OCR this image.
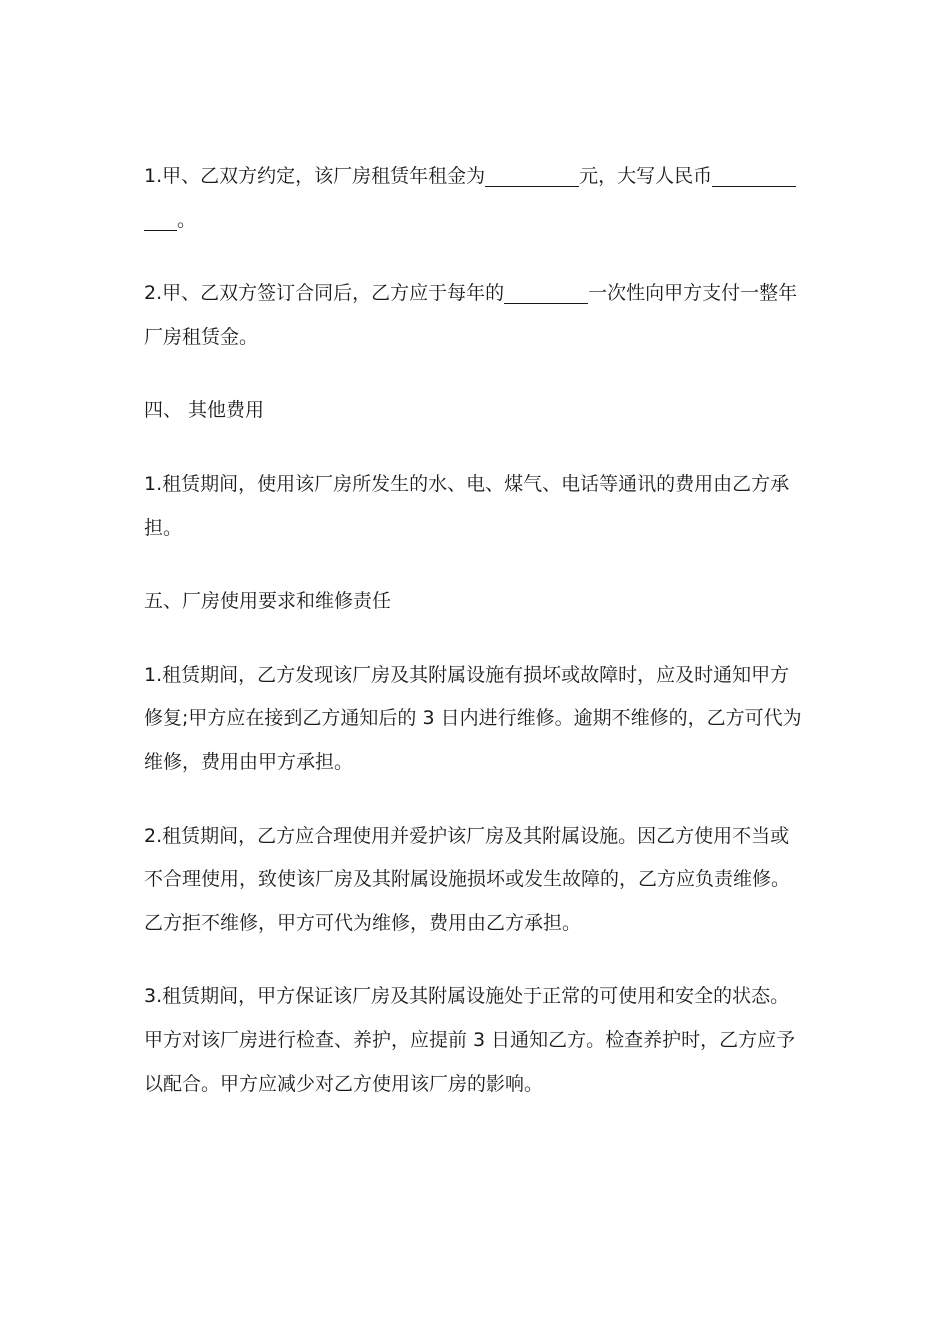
1.甲、乙双方约定，该厂房租赁年租金为	元，大写人民币
。
2.甲、乙双方签订合同后，乙方应于每年的	一次性向甲方支付一整年
厂房租赁金。
四、 其他费用
1.租赁期间，使用该厂房所发生的水、电、煤气、电话等通讯的费用由乙方承
担。
五、厂房使用要求和维修责任
1.租赁期间，乙方发现该厂房及其附属设施有损坏或故障时，应及时通知甲方
修复;甲方应在接到乙方通知后的 3 日内进行维修。逾期不维修的，乙方可代为
维修，费用由甲方承担。
2.租赁期间，乙方应合理使用并爱护该厂房及其附属设施。因乙方使用不当或
不合理使用，致使该厂房及其附属设施损坏或发生故障的，乙方应负责维修。
乙方拒不维修，甲方可代为维修，费用由乙方承担。
3.租赁期间，甲方保证该厂房及其附属设施处于正常的可使用和安全的状态。
甲方对该厂房进行检查、养护，应提前 3 日通知乙方。检查养护时，乙方应予
以配合。甲方应减少对乙方使用该厂房的影响。
